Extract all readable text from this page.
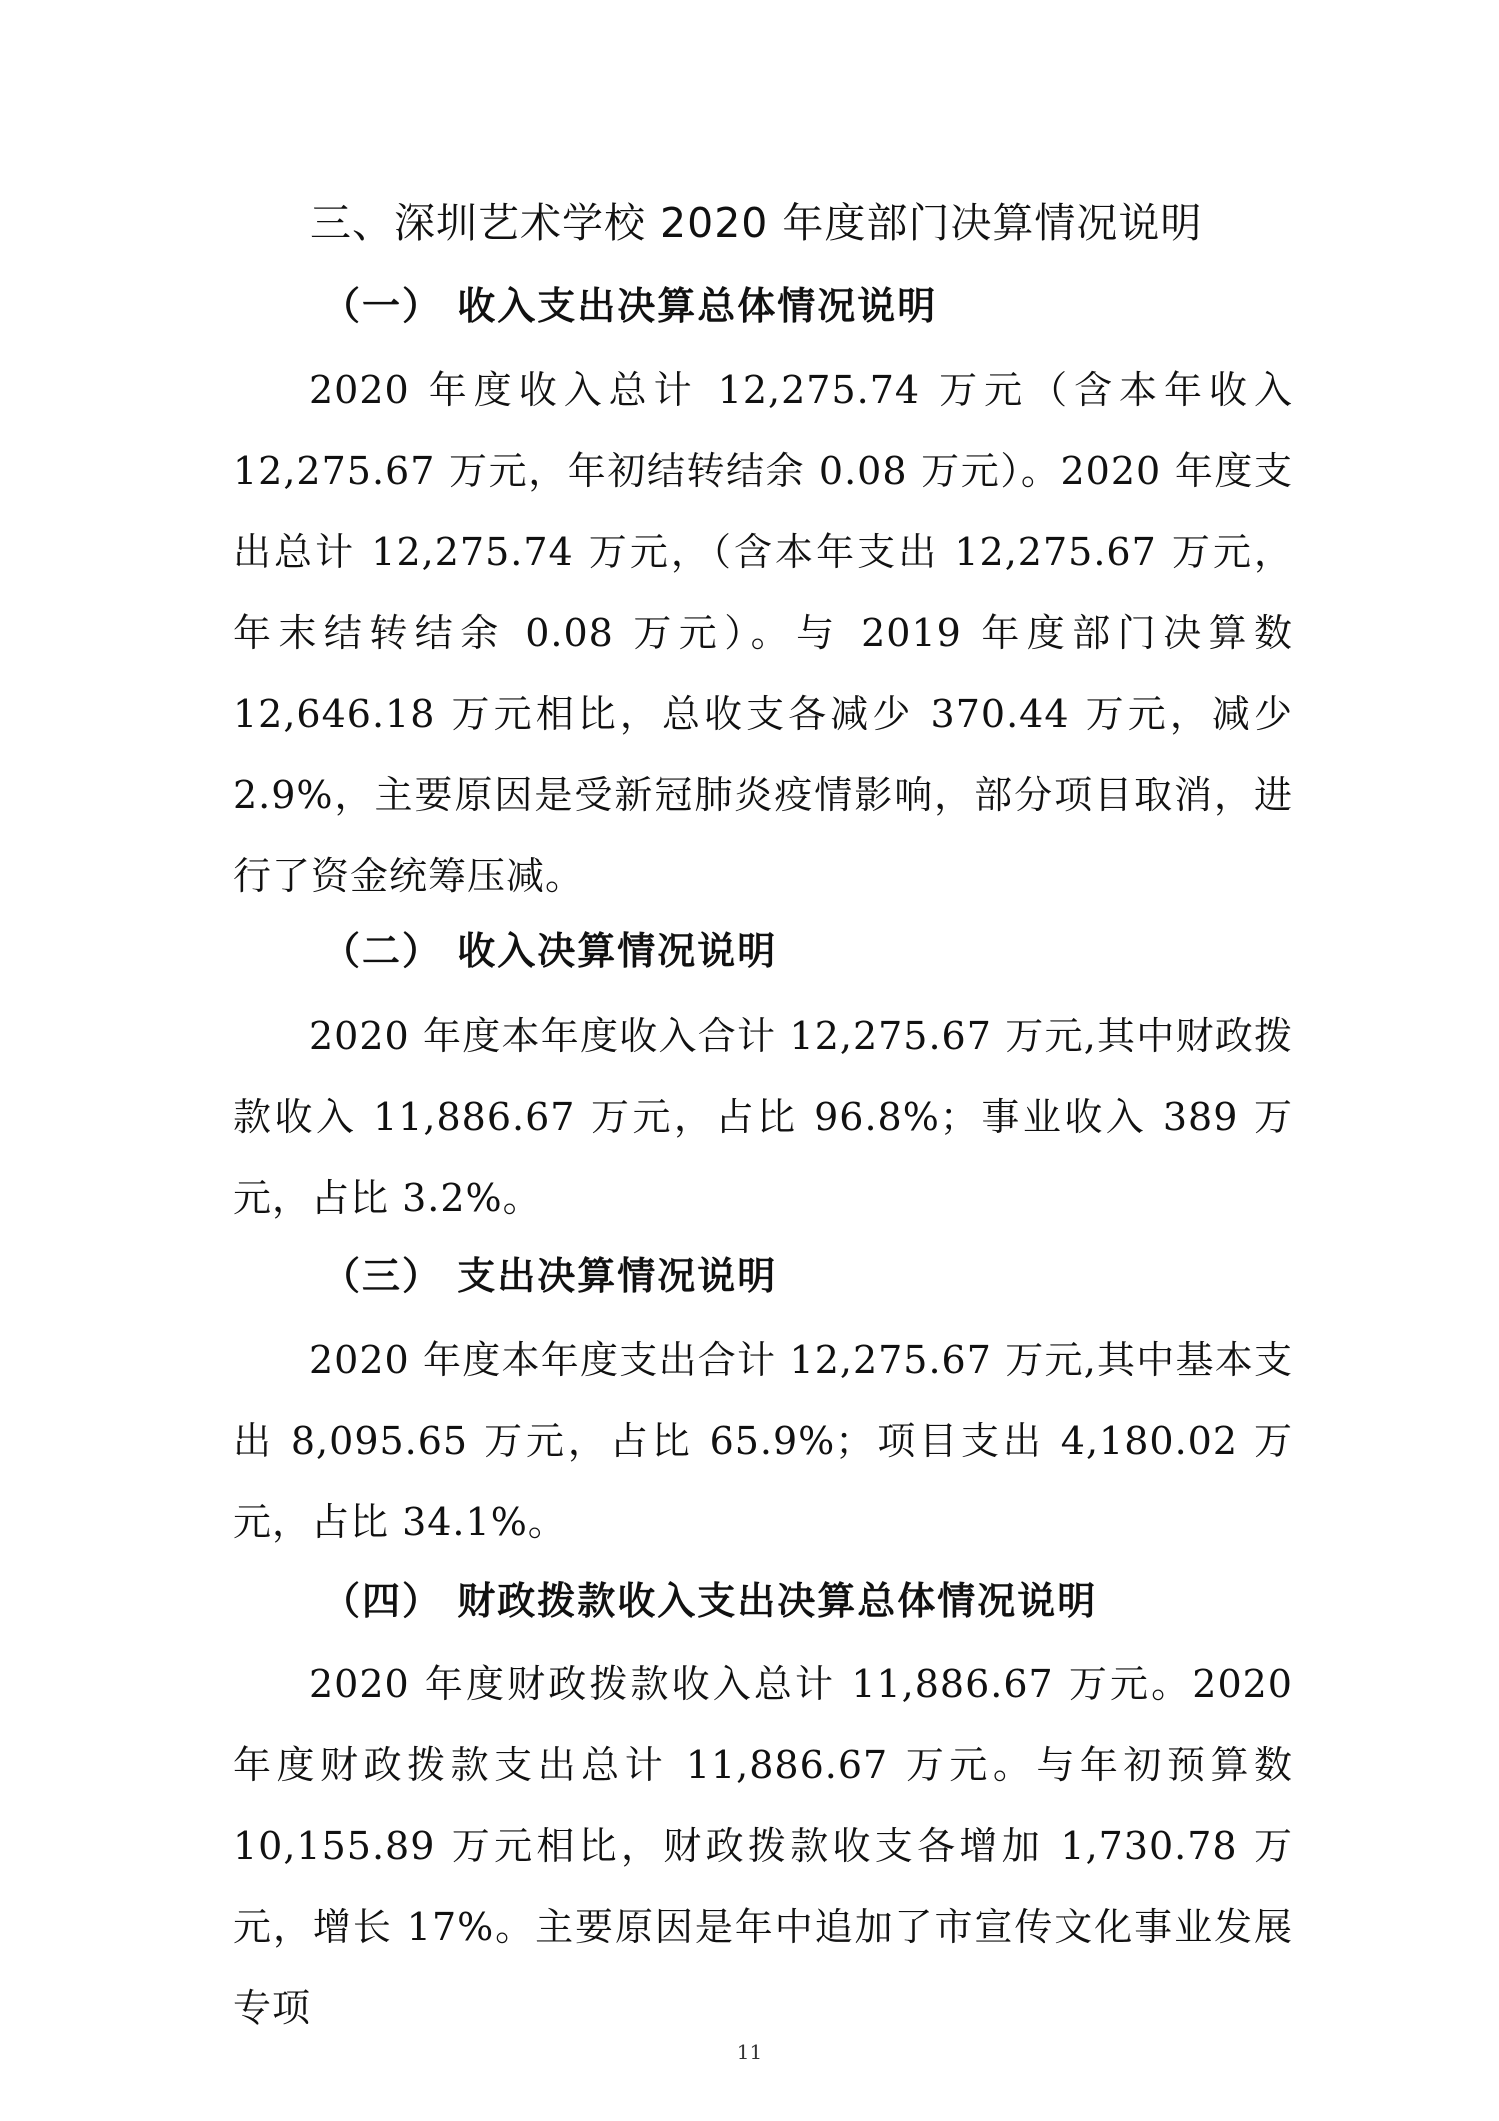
三、深圳艺术学校 2020 年度部门决算情况说明
（一） 收入支出决算总体情况说明
2020 年度收入总计 12,275.74 万元（含本年收入 12,275.67 万元，年初结转结余 0.08 万元）。2020 年度支出总计 12,275.74 万元，（含本年支出 12,275.67 万元，年末结转结余 0.08 万元）。与 2019 年度部门决算数 12,646.18 万元相比，总收支各减少 370.44 万元，减少 2.9%，主要原因是受新冠肺炎疫情影响，部分项目取消，进行了资金统筹压减。
（二） 收入决算情况说明
2020 年度本年度收入合计 12,275.67 万元,其中财政拨款收入 11,886.67 万元，占比 96.8%；事业收入 389 万元，占比 3.2%。
（三） 支出决算情况说明
2020 年度本年度支出合计 12,275.67 万元,其中基本支出 8,095.65 万元，占比 65.9%；项目支出 4,180.02 万元，占比 34.1%。
（四） 财政拨款收入支出决算总体情况说明
2020 年度财政拨款收入总计 11,886.67 万元。2020 年度财政拨款支出总计 11,886.67 万元。与年初预算数 10,155.89 万元相比，财政拨款收支各增加 1,730.78 万元，增长 17%。主要原因是年中追加了市宣传文化事业发展专项
11
